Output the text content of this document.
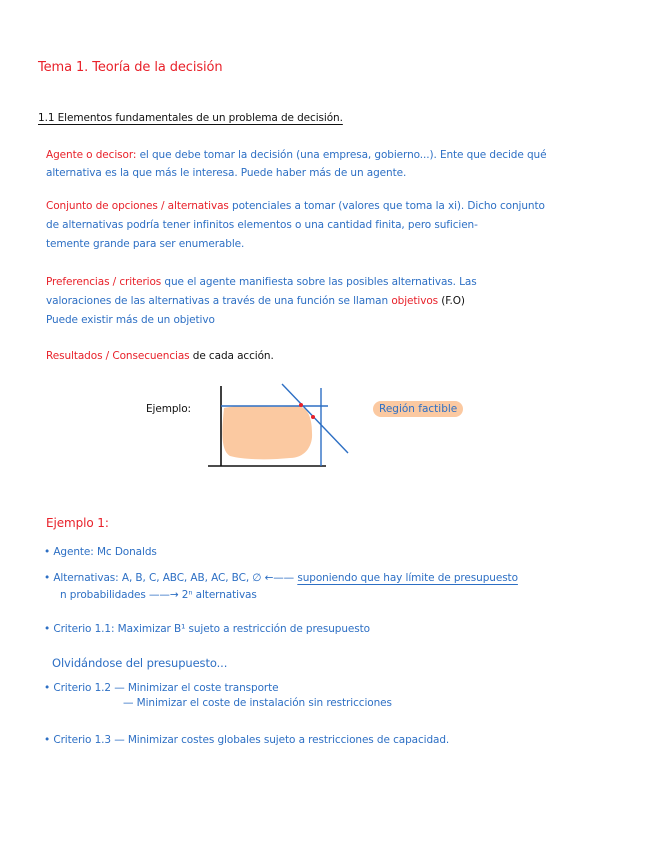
Tema 1. Teoría de la decisión
1.1 Elementos fundamentales de un problema de decisión.
Agente o decisor: el que debe tomar la decisión (una empresa, gobierno...). Ente que decide qué
alternativa es la que más le interesa. Puede haber más de un agente.
Conjunto de opciones / alternativas potenciales a tomar (valores que toma la xi). Dicho conjunto
de alternativas podría tener infinitos elementos o una cantidad finita, pero suficien-
temente grande para ser enumerable.
Preferencias / criterios que el agente manifiesta sobre las posibles alternativas. Las
valoraciones de las alternativas a través de una función se llaman objetivos (F.O)
Puede existir más de un objetivo
Resultados / Consecuencias de cada acción.
Ejemplo:	Región factible
Ejemplo 1:
• Agente: Mc Donalds
• Alternativas: A, B, C, ABC, AB, AC, BC, ∅ ←—— suponiendo que hay límite de presupuesto
n probabilidades ——→ 2ⁿ alternativas
• Criterio 1.1: Maximizar B¹ sujeto a restricción de presupuesto
Olvidándose del presupuesto...
• Criterio 1.2 — Minimizar el coste transporte
— Minimizar el coste de instalación sin restricciones
• Criterio 1.3 — Minimizar costes globales sujeto a restricciones de capacidad.
